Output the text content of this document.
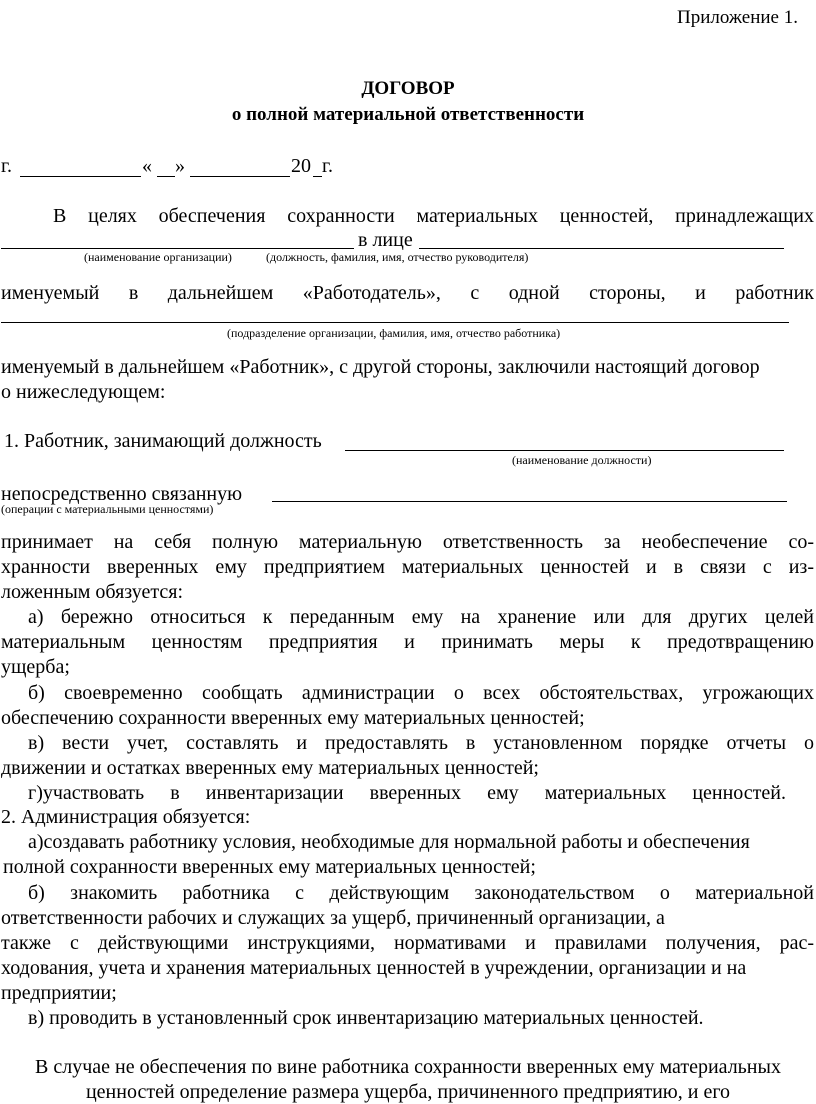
Приложение 1.
ДОГОВОР
о полной материальной ответственности
г.	« »	20 г.
В целях обеспечения сохранности материальных ценностей, принадлежащих
в лице
(наименование организации)	(должность, фамилия, имя, отчество руководителя)
именуемый в дальнейшем «Работодатель», с одной стороны, и работник
(подразделение организации, фамилия, имя, отчество работника)
именуемый в дальнейшем «Работник», с другой стороны, заключили настоящий договор
о нижеследующем:
1. Работник, занимающий должность
(наименование должности)
непосредственно связанную
(операции с материальными ценностями)
принимает на себя полную материальную ответственность за необеспечение со-
хранности вверенных ему предприятием материальных ценностей и в связи с из-
ложенным обязуется:
а) бережно относиться к переданным ему на хранение или для других целей
материальным ценностям предприятия и принимать меры к предотвращению
ущерба;
б) своевременно сообщать администрации о всех обстоятельствах, угрожающих
обеспечению сохранности вверенных ему материальных ценностей;
в) вести учет, составлять и предоставлять в установленном порядке отчеты о
движении и остатках вверенных ему материальных ценностей;
г)участвовать в инвентаризации вверенных ему материальных ценностей.
2. Администрация обязуется:
а)создавать работнику условия, необходимые для нормальной работы и обеспечения
полной сохранности вверенных ему материальных ценностей;
б) знакомить работника с действующим законодательством о материальной
ответственности рабочих и служащих за ущерб, причиненный организации, а
также с действующими инструкциями, нормативами и правилами получения, рас-
ходования, учета и хранения материальных ценностей в учреждении, организации и на
предприятии;
в) проводить в установленный срок инвентаризацию материальных ценностей.
В случае не обеспечения по вине работника сохранности вверенных ему материальных
ценностей определение размера ущерба, причиненного предприятию, и его
